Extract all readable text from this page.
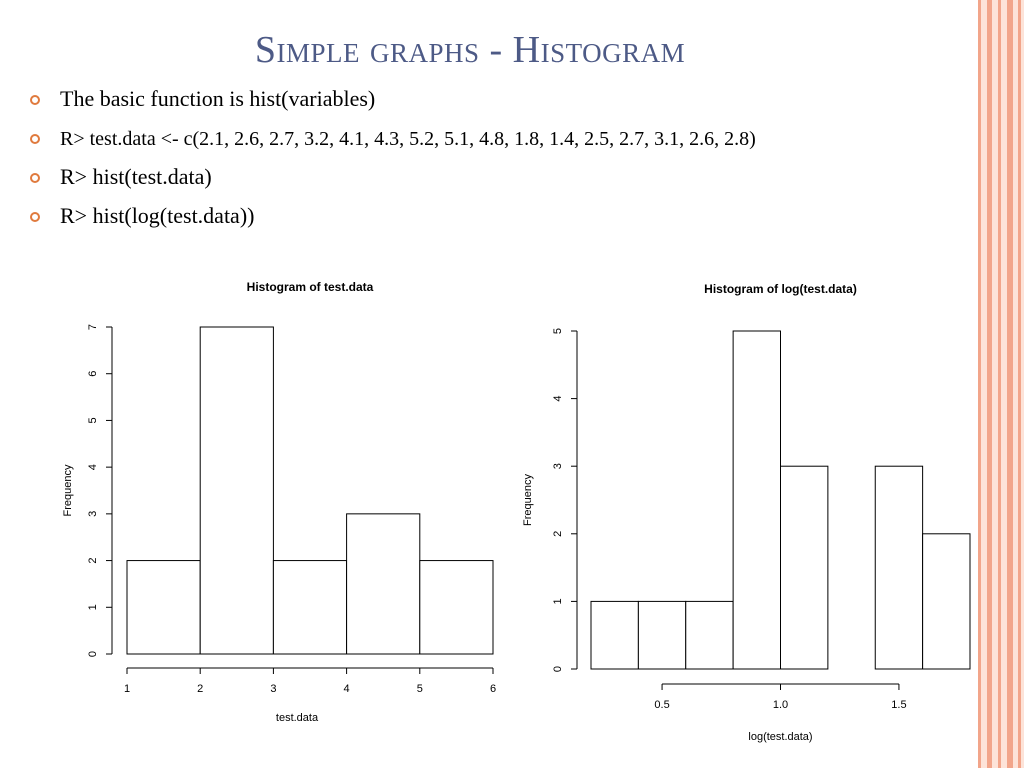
Simple graphs - Histogram
The basic function is hist(variables)
R> test.data <- c(2.1, 2.6, 2.7, 3.2, 4.1, 4.3, 5.2, 5.1, 4.8, 1.8, 1.4, 2.5, 2.7, 3.1, 2.6, 2.8)
R> hist(test.data)
R> hist(log(test.data))
Histogram of test.data
1	2	3	4	5	6
test.data
0
1
2
3
4
5
6
7
Frequency
Histogram of log(test.data)
0.5	1.0	1.5
log(test.data)
0
1
2
3
4
5
Frequency
